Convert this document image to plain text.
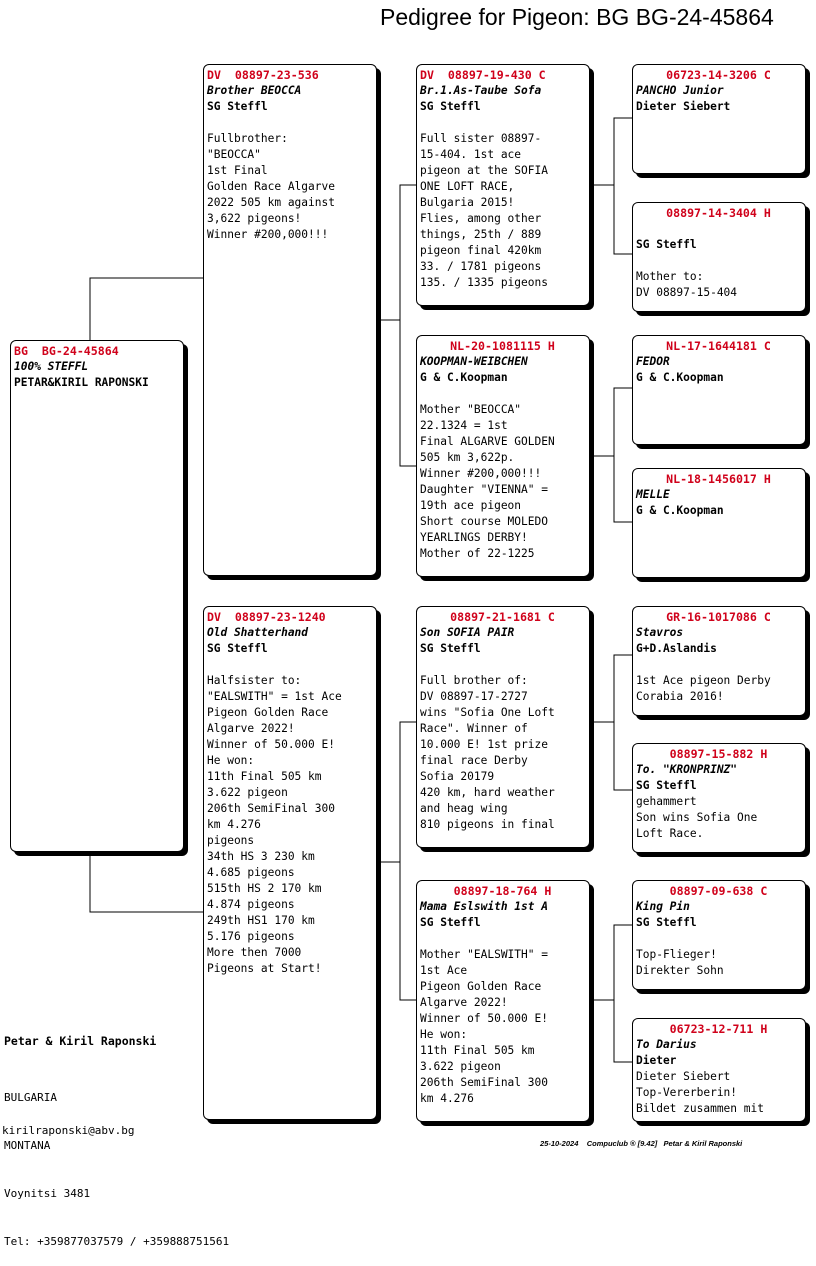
Pedigree for Pigeon: BG BG-24-45864
BG  BG-24-45864
100% STEFFL
PETAR&KIRIL RAPONSKI
DV  08897-23-536
Brother BEOCCA
SG Steffl
Fullbrother:
"BEOCCA"
1st Final
Golden Race Algarve
2022 505 km against
3,622 pigeons!
Winner #200,000!!!
DV  08897-23-1240
Old Shatterhand
SG Steffl
Halfsister to:
"EALSWITH" = 1st Ace
Pigeon Golden Race
Algarve 2022!
Winner of 50.000 E!
He won:
11th Final 505 km
3.622 pigeon
206th SemiFinal 300
km 4.276
pigeons
34th HS 3 230 km
4.685 pigeons
515th HS 2 170 km
4.874 pigeons
249th HS1 170 km
5.176 pigeons
More then 7000
Pigeons at Start!
DV  08897-19-430 C
Br.1.As-Taube Sofa
SG Steffl
Full sister 08897-
15-404. 1st ace
pigeon at the SOFIA
ONE LOFT RACE,
Bulgaria 2015!
Flies, among other
things, 25th / 889
pigeon final 420km
33. / 1781 pigeons
135. / 1335 pigeons
NL-20-1081115 H
KOOPMAN-WEIBCHEN
G & C.Koopman
Mother "BEOCCA"
22.1324 = 1st
Final ALGARVE GOLDEN
505 km 3,622p.
Winner #200,000!!!
Daughter "VIENNA" =
19th ace pigeon
Short course MOLEDO
YEARLINGS DERBY!
Mother of 22-1225
08897-21-1681 C
Son SOFIA PAIR
SG Steffl
Full brother of:
DV 08897-17-2727
wins "Sofia One Loft
Race". Winner of
10.000 E! 1st prize
final race Derby
Sofia 20179
420 km, hard weather
and heag wing
810 pigeons in final
08897-18-764 H
Mama Eslswith 1st A
SG Steffl
Mother "EALSWITH" =
1st Ace
Pigeon Golden Race
Algarve 2022!
Winner of 50.000 E!
He won:
11th Final 505 km
3.622 pigeon
206th SemiFinal 300
km 4.276
06723-14-3206 C
PANCHO Junior
Dieter Siebert
08897-14-3404 H
SG Steffl
Mother to:
DV 08897-15-404
NL-17-1644181 C
FEDOR
G & C.Koopman
NL-18-1456017 H
MELLE
G & C.Koopman
GR-16-1017086 C
Stavros
G+D.Aslandis
1st Ace pigeon Derby
Corabia 2016!
08897-15-882 H
To. "KRONPRINZ"
SG Steffl
gehammert
Son wins Sofia One
Loft Race.
08897-09-638 C
King Pin
SG Steffl
Top-Flieger!
Direkter Sohn
06723-12-711 H
To Darius
Dieter
Dieter Siebert
Top-Vererberin!
Bildet zusammen mit
Petar & Kiril Raponski

BULGARIA

MONTANA

Voynitsi 3481

Tel: +359877037579 / +359888751561

kirilraponski@abv.bg
25-10-2024    Compuclub ® [9.42]   Petar & Kiril Raponski
